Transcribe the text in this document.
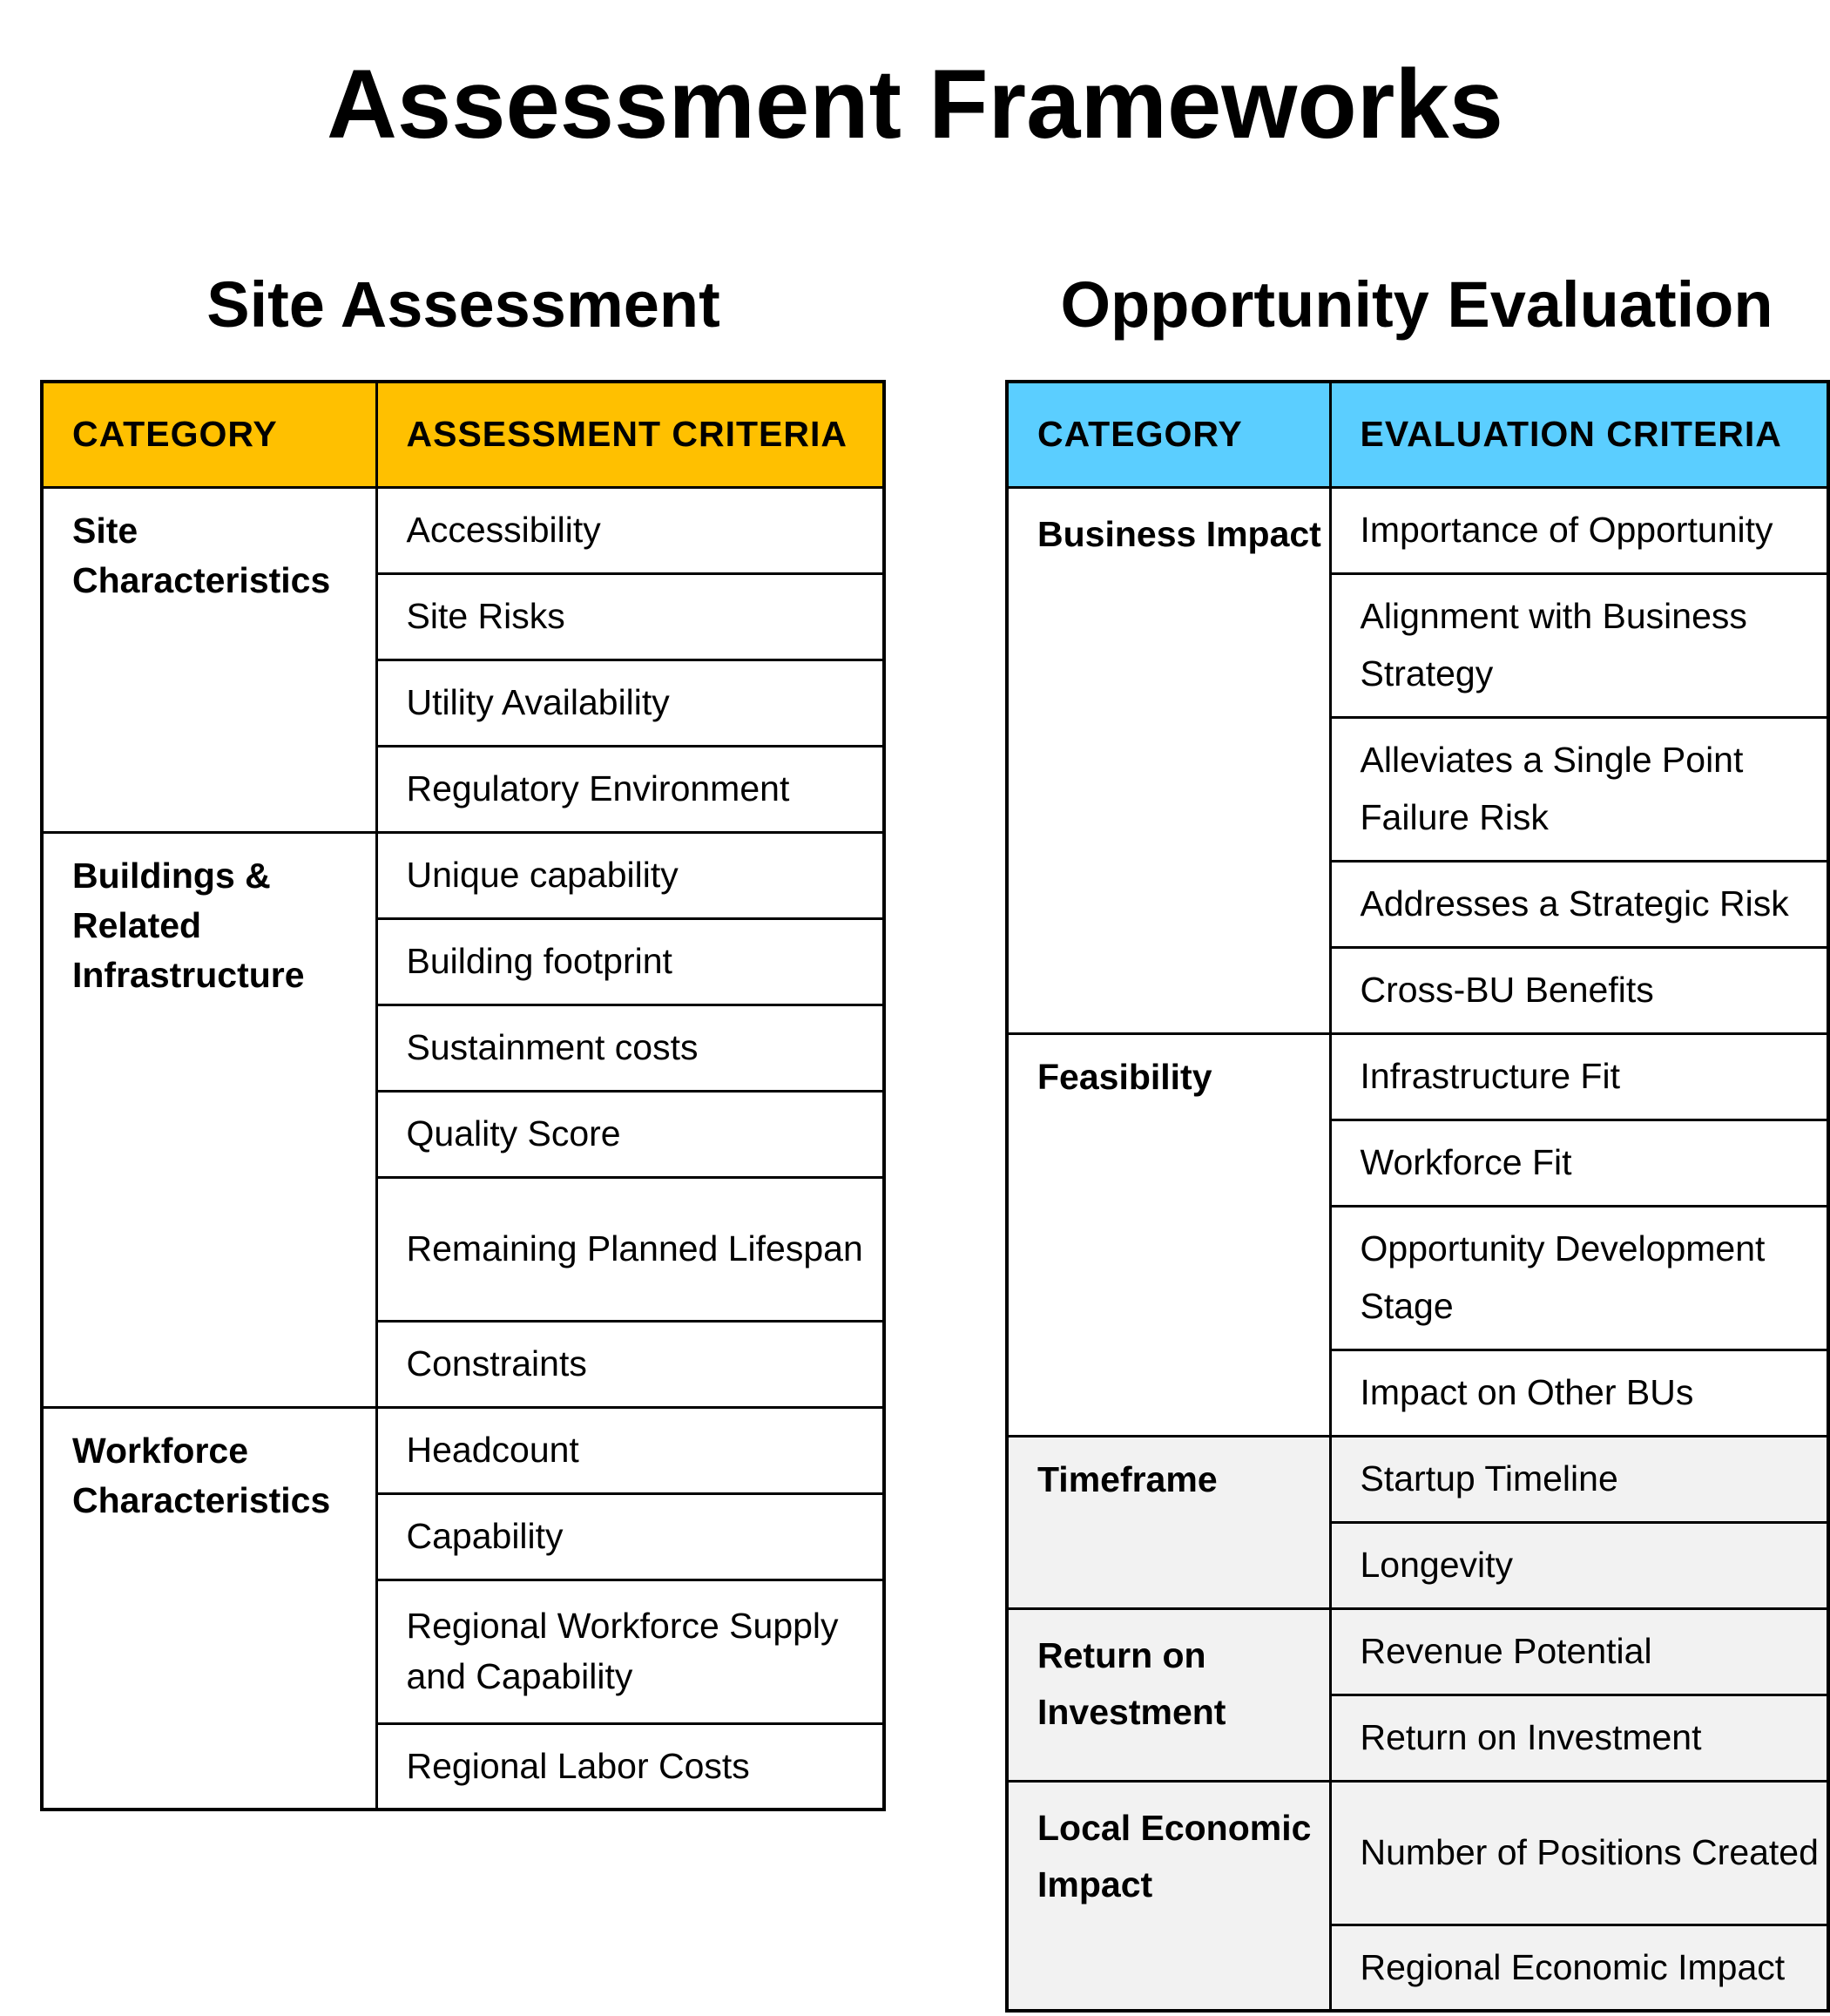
Assessment Frameworks
Site Assessment
CATEGORY	ASSESSMENT CRITERIA
Site Characteristics	Accessibility
	Site Risks
	Utility Availability
	Regulatory Environment
Buildings & Related Infrastructure	Unique capability
	Building footprint
	Sustainment costs
	Quality Score
	Remaining Planned Lifespan
	Constraints
Workforce Characteristics	Headcount
	Capability
	Regional Workforce Supply and Capability
	Regional Labor Costs
Opportunity Evaluation
CATEGORY	EVALUATION CRITERIA
Business Impact	Importance of Opportunity
	Alignment with Business Strategy
	Alleviates a Single Point Failure Risk
	Addresses a Strategic Risk
	Cross-BU Benefits
Feasibility	Infrastructure Fit
	Workforce Fit
	Opportunity Development Stage
	Impact on Other BUs
Timeframe	Startup Timeline
	Longevity
Return on Investment	Revenue Potential
	Return on Investment
Local Economic Impact	Number of Positions Created
	Regional Economic Impact
